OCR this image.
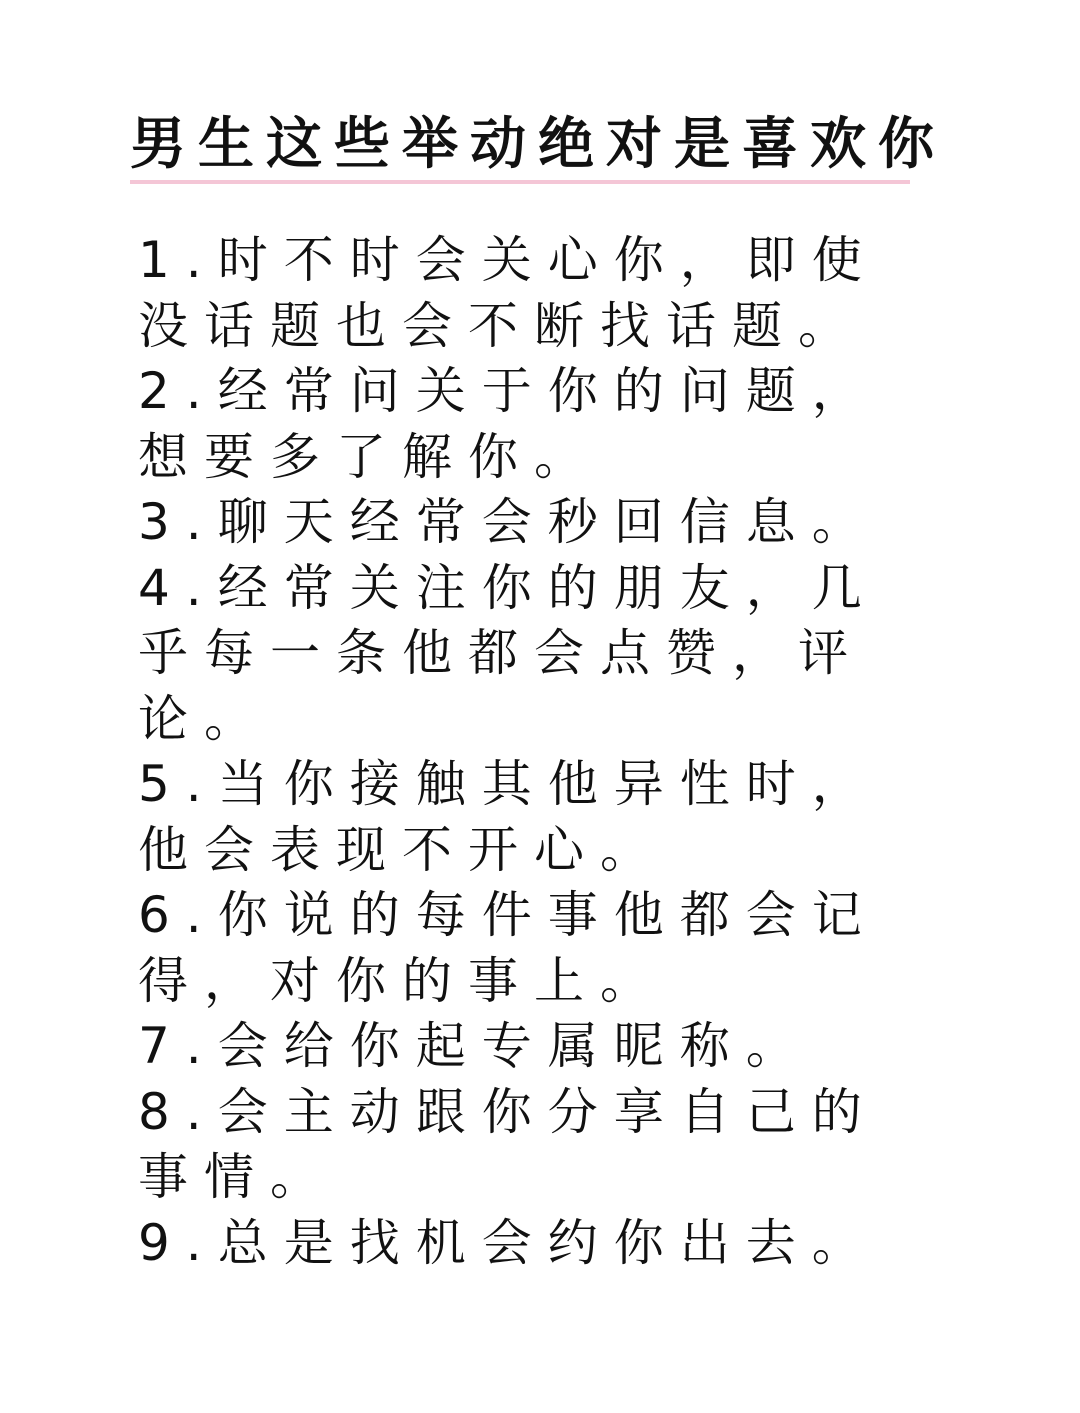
男生这些举动绝对是喜欢你
1.时不时会关心你，即使没话题也会不断找话题。
2.经常问关于你的问题，想要多了解你。
3.聊天经常会秒回信息。
4.经常关注你的朋友，几乎每一条他都会点赞，评论。
5.当你接触其他异性时，他会表现不开心。
6.你说的每件事他都会记得，对你的事上。
7.会给你起专属昵称。
8.会主动跟你分享自己的事情。
9.总是找机会约你出去。
